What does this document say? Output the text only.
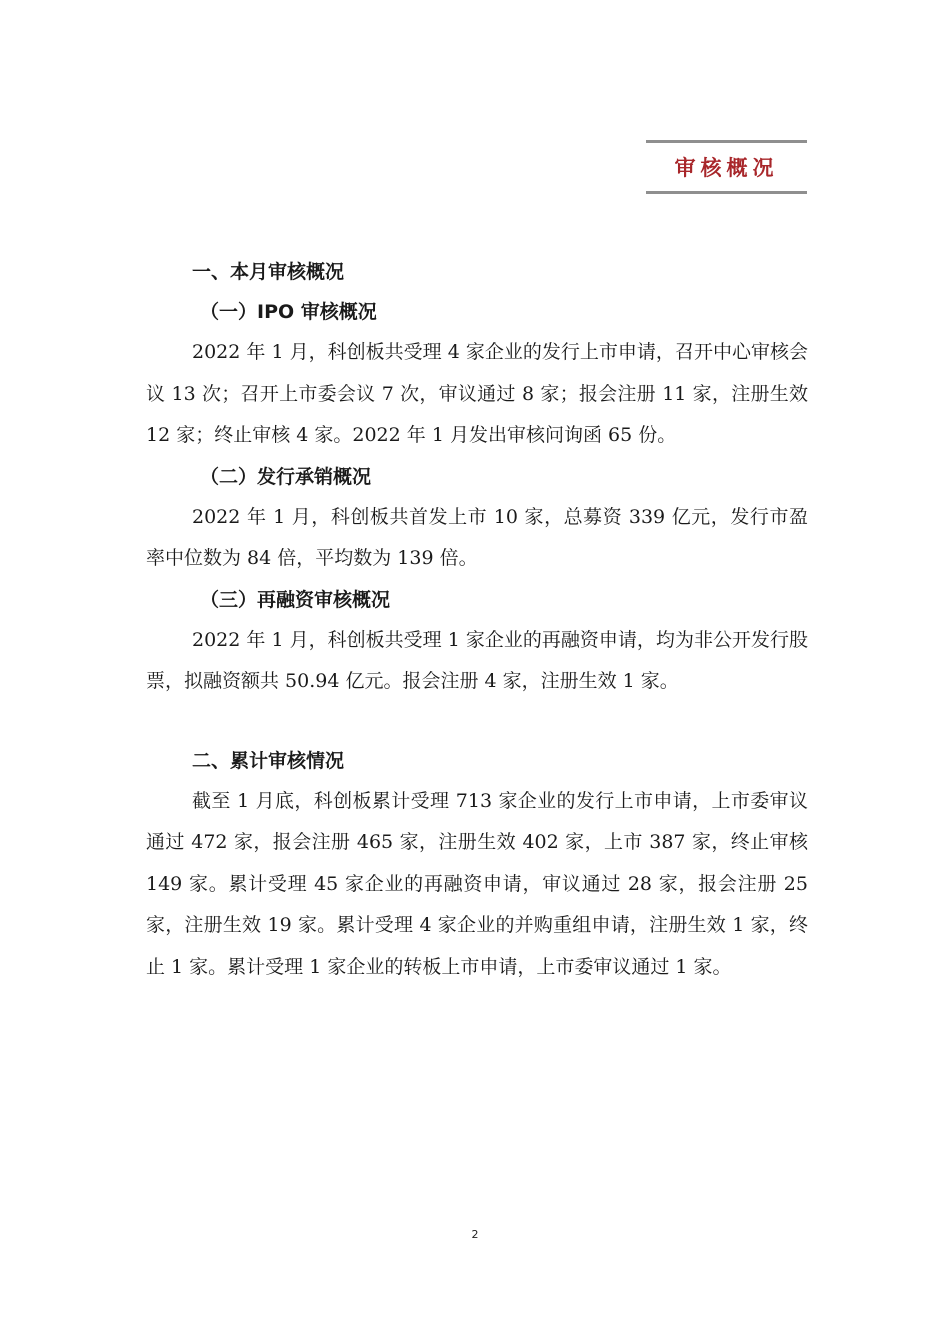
审核概况
一、本月审核概况
（一）IPO 审核概况

2022 年 1 月，科创板共受理 4 家企业的发行上市申请，召开中心审核会议 13 次；召开上市委会议 7 次，审议通过 8 家；报会注册 11 家，注册生效 12 家；终止审核 4 家。2022 年 1 月发出审核问询函 65 份。

（二）发行承销概况

2022 年 1 月，科创板共首发上市 10 家，总募资 339 亿元，发行市盈率中位数为 84 倍，平均数为 139 倍。

（三）再融资审核概况

2022 年 1 月，科创板共受理 1 家企业的再融资申请，均为非公开发行股票，拟融资额共 50.94 亿元。报会注册 4 家，注册生效 1 家。

二、累计审核情况

截至 1 月底，科创板累计受理 713 家企业的发行上市申请，上市委审议通过 472 家，报会注册 465 家，注册生效 402 家，上市 387 家，终止审核 149 家。累计受理 45 家企业的再融资申请，审议通过 28 家，报会注册 25 家，注册生效 19 家。累计受理 4 家企业的并购重组申请，注册生效 1 家，终止 1 家。累计受理 1 家企业的转板上市申请，上市委审议通过 1 家。

2
